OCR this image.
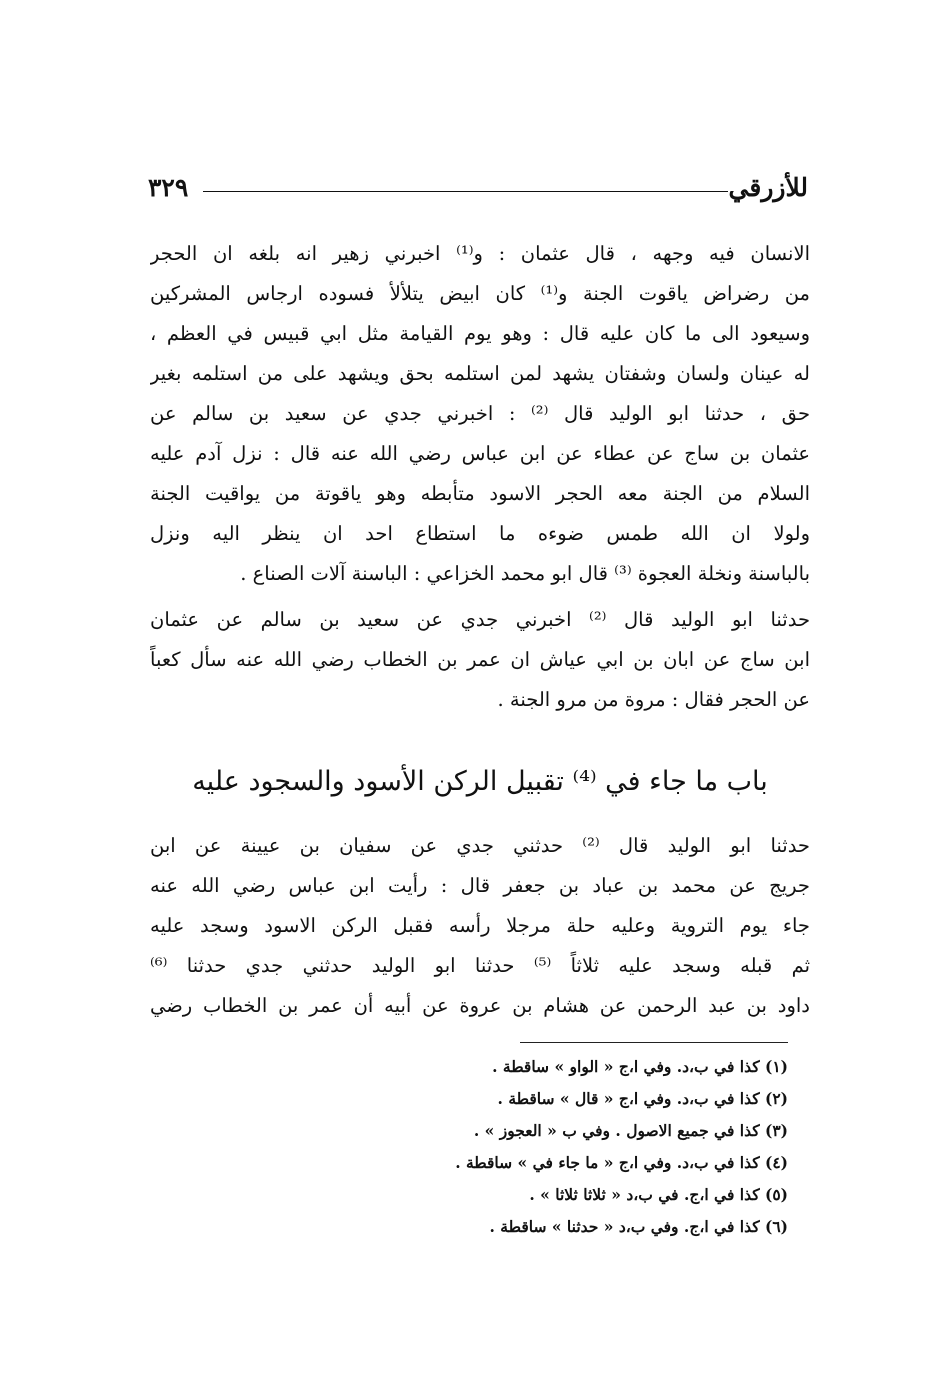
للأزرقي
٣٢٩
الانسان فيه وجهه ، قال عثمان : و⁽¹⁾ اخبرني زهير انه بلغه ان الحجر
من رضراض ياقوت الجنة و⁽¹⁾ كان ابيض يتلألأ فسوده ارجاس المشركين
وسيعود الى ما كان عليه قال : وهو يوم القيامة مثل ابي قبيس في العظم ،
له عينان ولسان وشفتان يشهد لمن استلمه بحق ويشهد على من استلمه بغير
حق ، حدثنا ابو الوليد قال ⁽²⁾ : اخبرني جدي عن سعيد بن سالم عن
عثمان بن ساج عن عطاء عن ابن عباس رضي الله عنه قال : نزل آدم عليه
السلام من الجنة معه الحجر الاسود متأبطه وهو ياقوتة من يواقيت الجنة
ولولا ان الله طمس ضوءه ما استطاع احد ان ينظر اليه ونزل
بالباسنة ونخلة العجوة ⁽³⁾ قال ابو محمد الخزاعي : الباسنة آلات الصناع .
حدثنا ابو الوليد قال ⁽²⁾ اخبرني جدي عن سعيد بن سالم عن عثمان
ابن ساج عن ابان بن ابي عياش ان عمر بن الخطاب رضي الله عنه سأل كعباً
عن الحجر فقال : مروة من مرو الجنة .
باب ما جاء في ⁽⁴⁾ تقبيل الركن الأسود والسجود عليه
حدثنا ابو الوليد قال ⁽²⁾ حدثني جدي عن سفيان بن عيينة عن ابن
جريج عن محمد بن عباد بن جعفر قال : رأيت ابن عباس رضي الله عنه
جاء يوم التروية وعليه حلة مرجلا رأسه فقبل الركن الاسود وسجد عليه
ثم قبله وسجد عليه ثلاثاً ⁽⁵⁾ حدثنا ابو الوليد حدثني جدي حدثنا ⁽⁶⁾
داود بن عبد الرحمن عن هشام بن عروة عن أبيه أن عمر بن الخطاب رضي
(١) كذا في ب،د. وفي ا،ج « الواو » ساقطة .
(٢) كذا في ب،د. وفي ا،ج « قال » ساقطة .
(٣) كذا في جميع الاصول . وفي ب « العجوز » .
(٤) كذا في ب،د. وفي ا،ج « ما جاء في » ساقطة .
(٥) كذا في ا،ج. في ب،د « ثلاثا ثلاثا » .
(٦) كذا في ا،ج. وفي ب،د « حدثنا » ساقطة .
